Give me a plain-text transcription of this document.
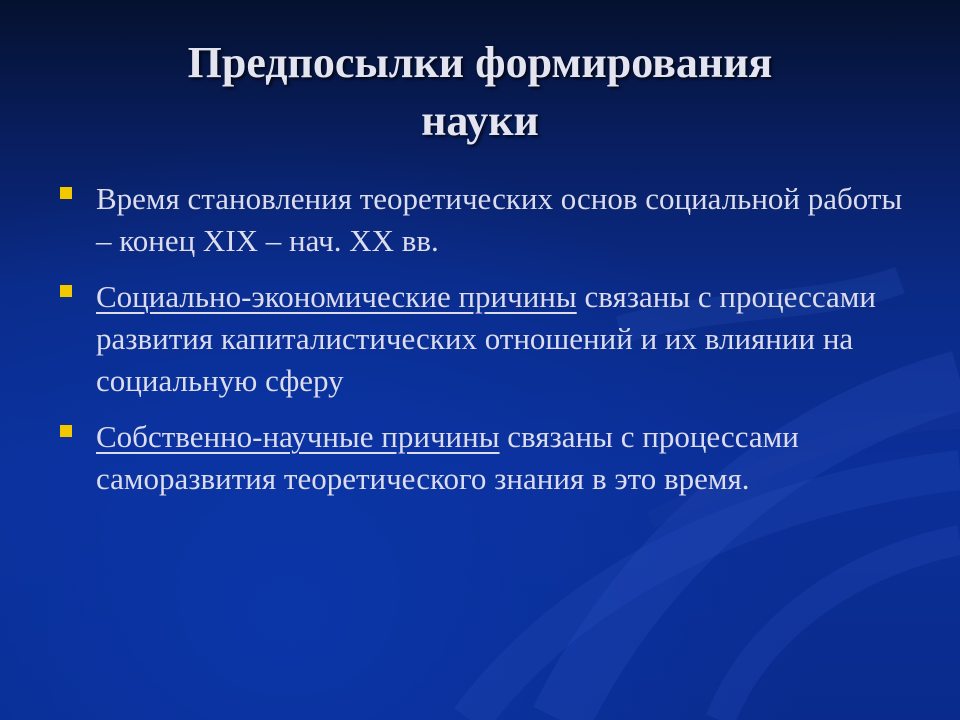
Предпосылки формирования
науки
Время становления теоретических основ социальной работы – конец XIX – нач. XX вв.
Социально-экономические причины связаны с процессами развития капиталистических отношений и их влиянии на социальную сферу
Собственно-научные причины связаны с процессами саморазвития теоретического знания в это время.
